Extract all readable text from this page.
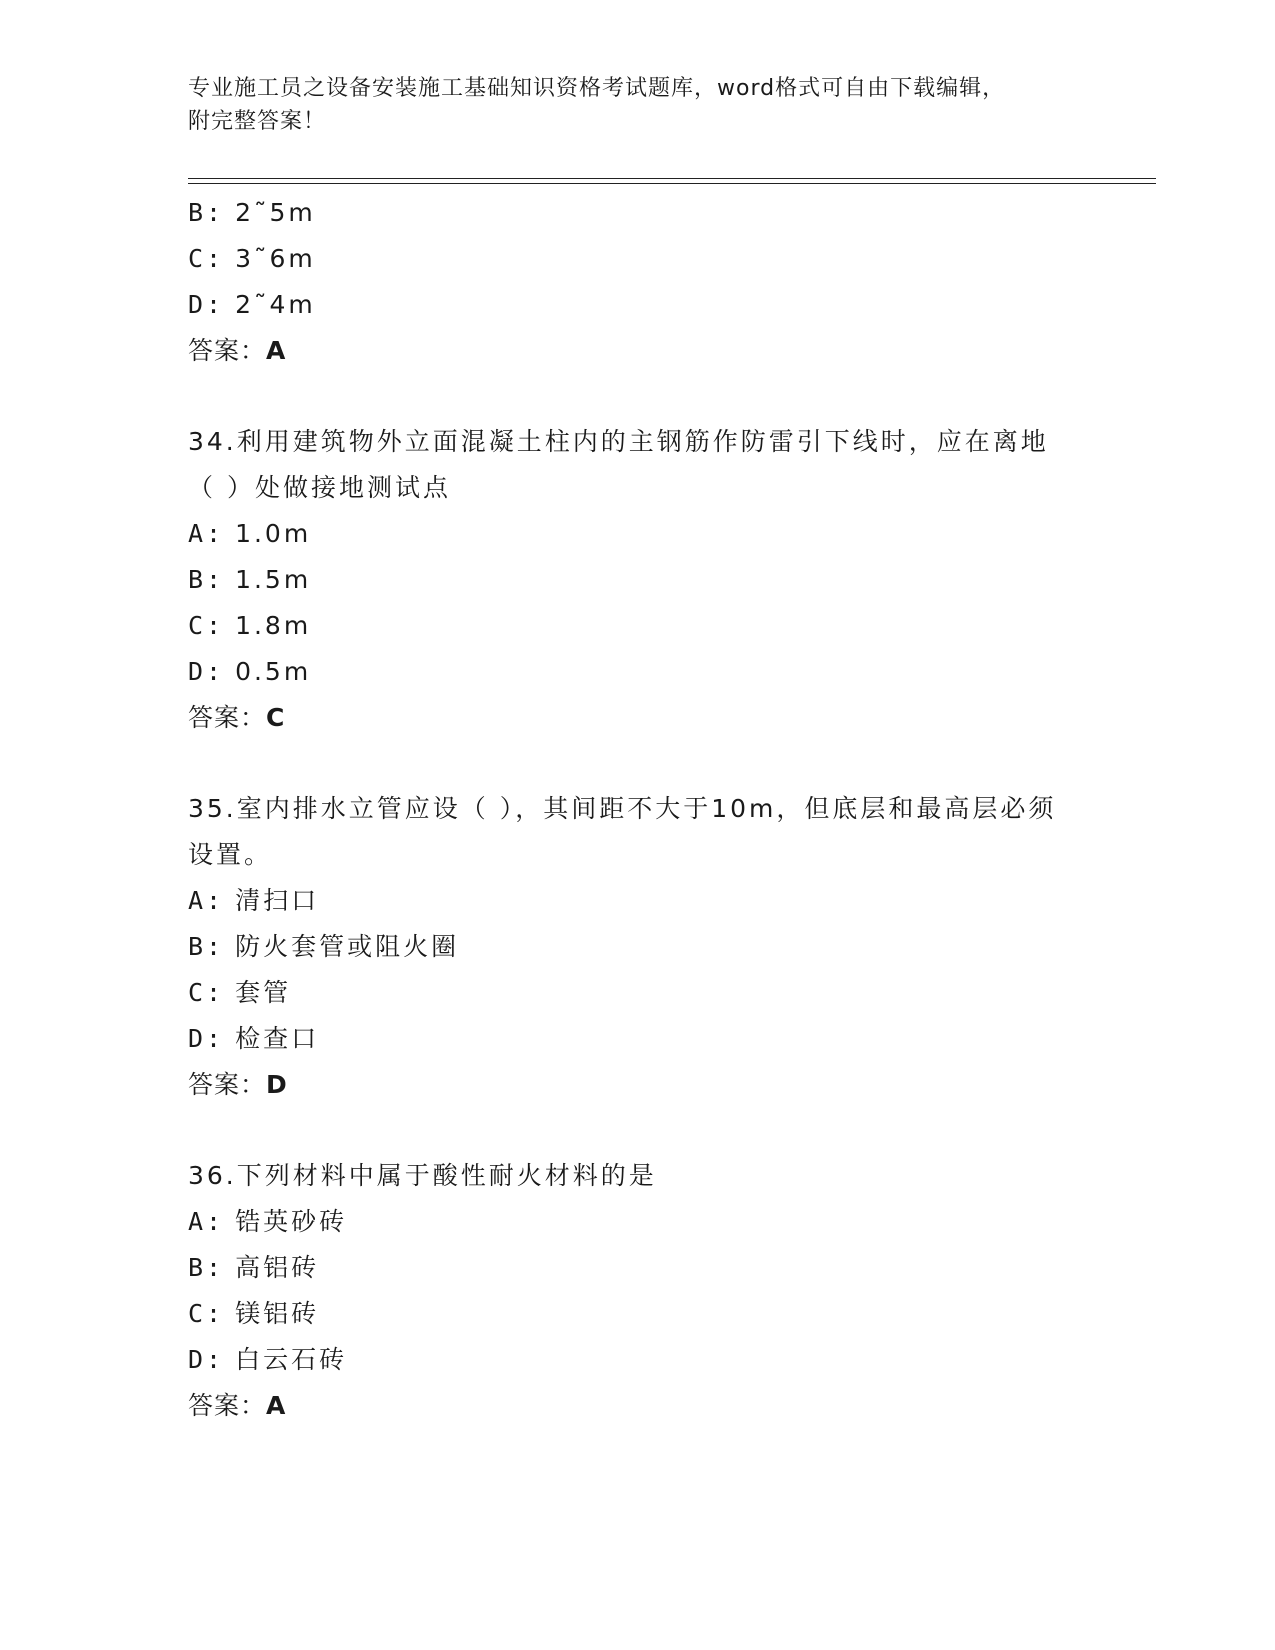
专业施工员之设备安装施工基础知识资格考试题库，word格式可自由下载编辑，
附完整答案！
B: 2˜5m
C: 3˜6m
D: 2˜4m
答案：A
34.利用建筑物外立面混凝土柱内的主钢筋作防雷引下线时，应在离地
（ ）处做接地测试点
A: 1.0m
B: 1.5m
C: 1.8m
D: 0.5m
答案：C
35.室内排水立管应设（ ），其间距不大于10m，但底层和最高层必须
设置。
A: 清扫口
B: 防火套管或阻火圈
C: 套管
D: 检查口
答案：D
36.下列材料中属于酸性耐火材料的是
A: 锆英砂砖
B: 高铝砖
C: 镁铝砖
D: 白云石砖
答案：A
